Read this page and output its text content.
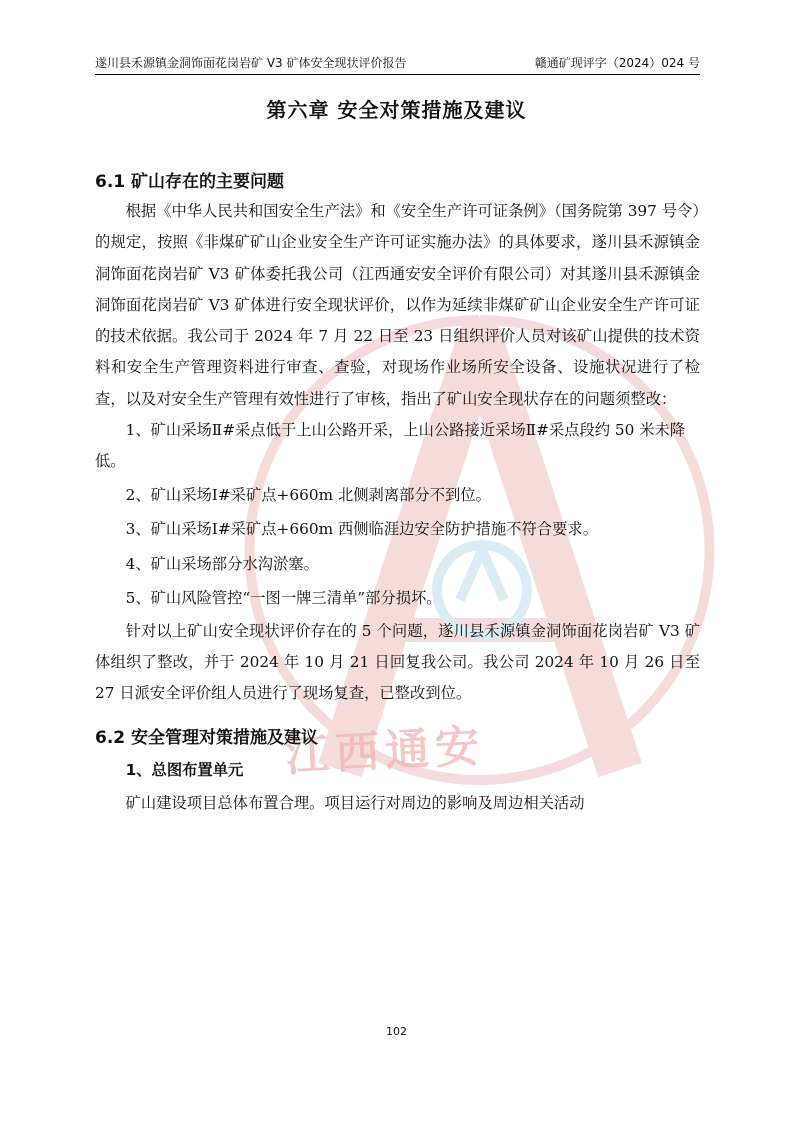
江西通安
遂川县禾源镇金洞饰面花岗岩矿 V3 矿体安全现状评价报告	赣通矿现评字（2024）024 号
第六章 安全对策措施及建议
6.1 矿山存在的主要问题

根据《中华人民共和国安全生产法》和《安全生产许可证条例》（国务院第 397 号令）的规定，按照《非煤矿矿山企业安全生产许可证实施办法》的具体要求，遂川县禾源镇金洞饰面花岗岩矿 V3 矿体委托我公司（江西通安安全评价有限公司）对其遂川县禾源镇金洞饰面花岗岩矿 V3 矿体进行安全现状评价，以作为延续非煤矿矿山企业安全生产许可证的技术依据。我公司于 2024 年 7 月 22 日至 23 日组织评价人员对该矿山提供的技术资料和安全生产管理资料进行审查、查验，对现场作业场所安全设备、设施状况进行了检查，以及对安全生产管理有效性进行了审核，指出了矿山安全现状存在的问题须整改：

1、矿山采场Ⅱ#采点低于上山公路开采，上山公路接近采场Ⅱ#采点段约 50 米未降低。

2、矿山采场Ⅰ#采矿点+660m 北侧剥离部分不到位。

3、矿山采场Ⅰ#采矿点+660m 西侧临涯边安全防护措施不符合要求。

4、矿山采场部分水沟淤塞。

5、矿山风险管控“一图一牌三清单”部分损坏。

针对以上矿山安全现状评价存在的 5 个问题，遂川县禾源镇金洞饰面花岗岩矿 V3 矿体组织了整改，并于 2024 年 10 月 21 日回复我公司。我公司 2024 年 10 月 26 日至 27 日派安全评价组人员进行了现场复查，已整改到位。

6.2 安全管理对策措施及建议

1、总图布置单元

矿山建设项目总体布置合理。项目运行对周边的影响及周边相关活动

102
